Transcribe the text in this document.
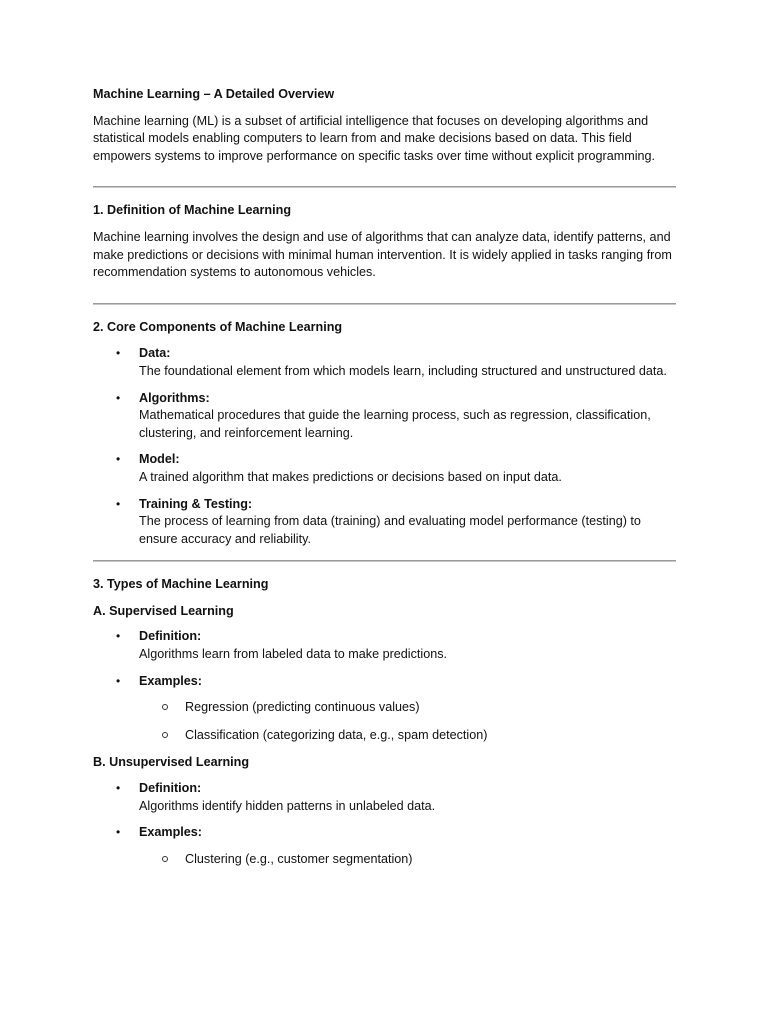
Machine Learning – A Detailed Overview

Machine learning (ML) is a subset of artificial intelligence that focuses on developing algorithms and statistical models enabling computers to learn from and make decisions based on data. This field empowers systems to improve performance on specific tasks over time without explicit programming.

1. Definition of Machine Learning

Machine learning involves the design and use of algorithms that can analyze data, identify patterns, and make predictions or decisions with minimal human intervention. It is widely applied in tasks ranging from recommendation systems to autonomous vehicles.

2. Core Components of Machine Learning
• Data:
The foundational element from which models learn, including structured and unstructured data.
• Algorithms:
Mathematical procedures that guide the learning process, such as regression, classification, clustering, and reinforcement learning.
• Model:
A trained algorithm that makes predictions or decisions based on input data.
• Training & Testing:
The process of learning from data (training) and evaluating model performance (testing) to ensure accuracy and reliability.
3. Types of Machine Learning
A. Supervised Learning
• Definition:
Algorithms learn from labeled data to make predictions.
• Examples:
Regression (predicting continuous values)
Classification (categorizing data, e.g., spam detection)
B. Unsupervised Learning
• Definition:
Algorithms identify hidden patterns in unlabeled data.
• Examples:
Clustering (e.g., customer segmentation)
